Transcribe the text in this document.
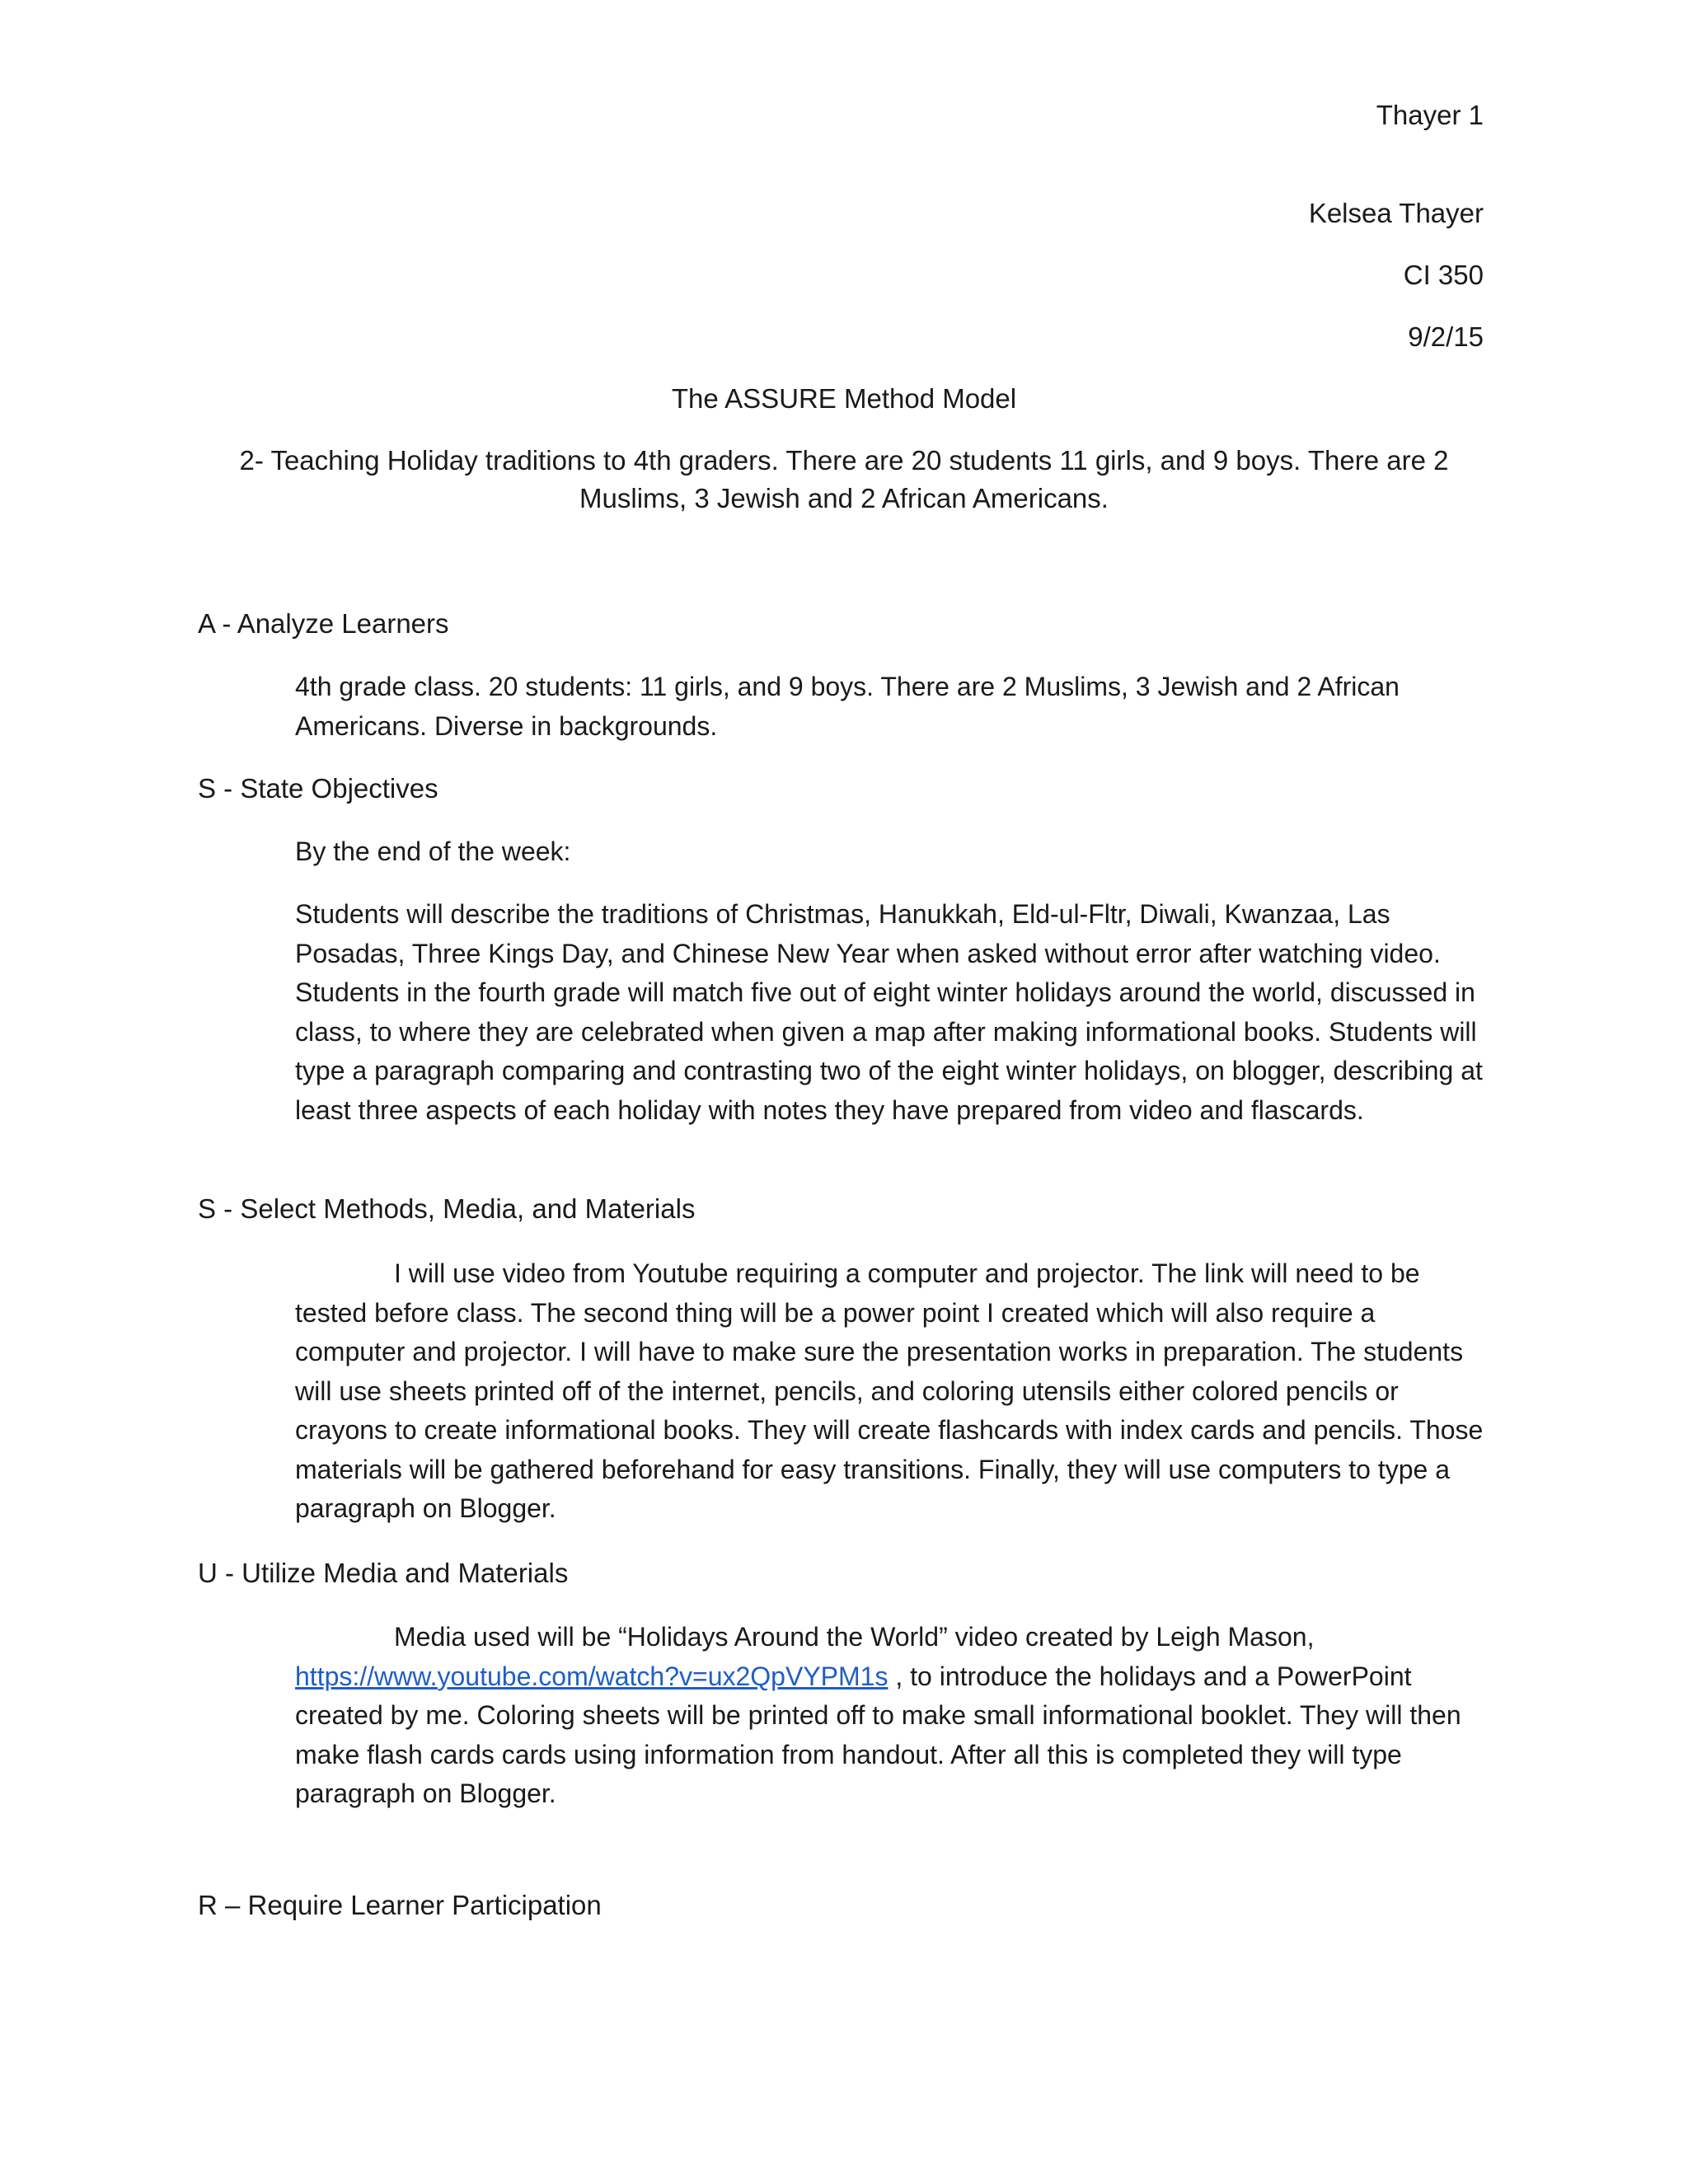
Thayer 1
Kelsea Thayer
CI 350
9/2/15
The ASSURE Method Model
2- Teaching Holiday traditions to 4th graders. There are 20 students 11 girls, and 9 boys. There are 2 Muslims, 3 Jewish and 2 African Americans.
A - Analyze Learners
4th grade class. 20 students: 11 girls, and 9 boys. There are 2 Muslims, 3 Jewish and 2 African Americans. Diverse in backgrounds.
S - State Objectives
By the end of the week:
Students will describe the traditions of Christmas, Hanukkah, Eld-ul-Fltr, Diwali, Kwanzaa, Las Posadas, Three Kings Day, and Chinese New Year when asked without error after watching video. Students in the fourth grade will match five out of eight winter holidays around the world, discussed in class, to where they are celebrated when given a map after making informational books. Students will type a paragraph comparing and contrasting two of the eight winter holidays, on blogger, describing at least three aspects of each holiday with notes they have prepared from video and flascards.
S - Select Methods, Media, and Materials
I will use video from Youtube requiring a computer and projector. The link will need to be tested before class. The second thing will be a power point I created which will also require a computer and projector. I will have to make sure the presentation works in preparation. The students will use sheets printed off of the internet, pencils, and coloring utensils either colored pencils or crayons to create informational books. They will create flashcards with index cards and pencils. Those materials will be gathered beforehand for easy transitions. Finally, they will use computers to type a paragraph on Blogger.
U - Utilize Media and Materials
Media used will be “Holidays Around the World” video created by Leigh Mason, https://www.youtube.com/watch?v=ux2QpVYPM1s , to introduce the holidays and a PowerPoint created by me. Coloring sheets will be printed off to make small informational booklet. They will then make flash cards cards using information from handout. After all this is completed they will type paragraph on Blogger.
R – Require Learner Participation
